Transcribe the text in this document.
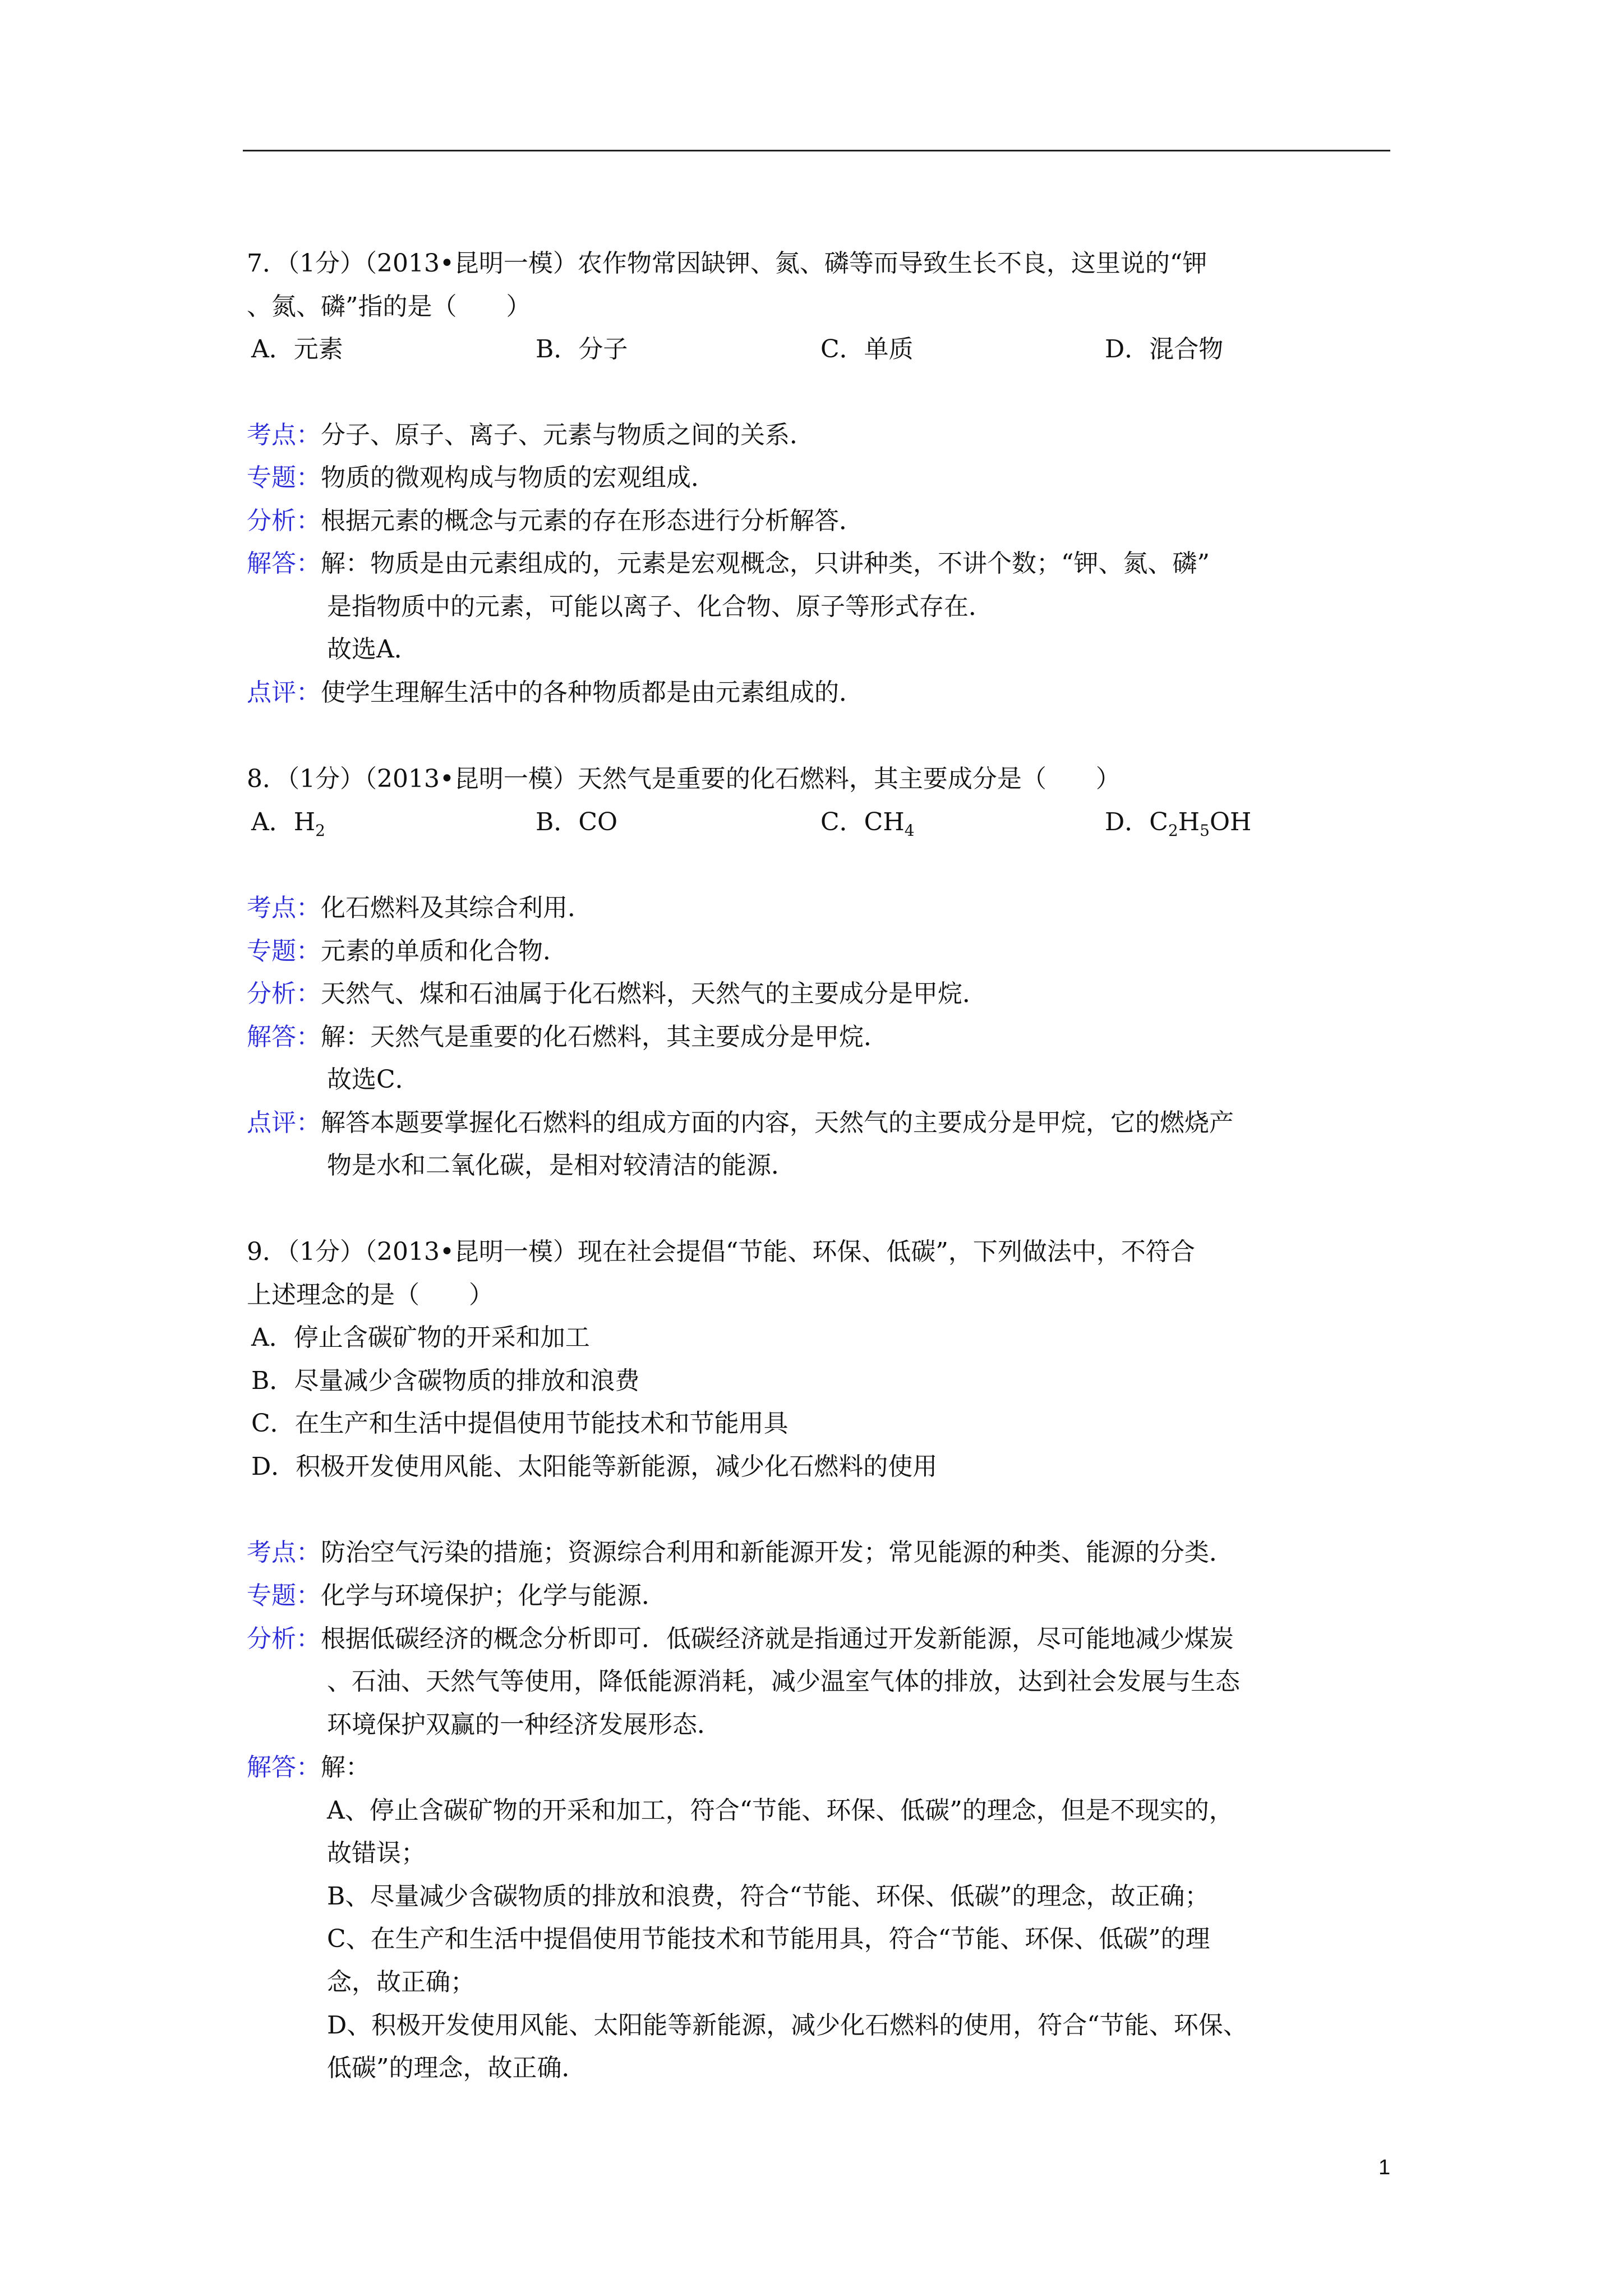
7．（1分）（2013•昆明一模）农作物常因缺钾、氮、磷等而导致生长不良，这里说的“钾
、氮、磷”指的是（　　）
A．元素	B．分子	C．单质	D．混合物
考点：分子、原子、离子、元素与物质之间的关系．
专题：物质的微观构成与物质的宏观组成．
分析：根据元素的概念与元素的存在形态进行分析解答．
解答：解：物质是由元素组成的，元素是宏观概念，只讲种类，不讲个数；“钾、氮、磷”
是指物质中的元素，可能以离子、化合物、原子等形式存在．
故选A．
点评：使学生理解生活中的各种物质都是由元素组成的．
8．（1分）（2013•昆明一模）天然气是重要的化石燃料，其主要成分是（　　）
A．$H_2$	B．CO	C．$CH_4$	D．$C_2H_5OH$
考点：化石燃料及其综合利用．
专题：元素的单质和化合物．
分析：天然气、煤和石油属于化石燃料，天然气的主要成分是甲烷．
解答：解：天然气是重要的化石燃料，其主要成分是甲烷．
故选C．
点评：解答本题要掌握化石燃料的组成方面的内容，天然气的主要成分是甲烷，它的燃烧产
物是水和二氧化碳，是相对较清洁的能源．
9．（1分）（2013•昆明一模）现在社会提倡“节能、环保、低碳”，下列做法中，不符合
上述理念的是（　　）
A．停止含碳矿物的开采和加工
B．尽量减少含碳物质的排放和浪费
C．在生产和生活中提倡使用节能技术和节能用具
D．积极开发使用风能、太阳能等新能源，减少化石燃料的使用
考点：防治空气污染的措施；资源综合利用和新能源开发；常见能源的种类、能源的分类．
专题：化学与环境保护；化学与能源．
分析：根据低碳经济的概念分析即可．低碳经济就是指通过开发新能源，尽可能地减少煤炭
、石油、天然气等使用，降低能源消耗，减少温室气体的排放，达到社会发展与生态
环境保护双赢的一种经济发展形态．
解答：解：
A、停止含碳矿物的开采和加工，符合“节能、环保、低碳”的理念，但是不现实的，
故错误；
B、尽量减少含碳物质的排放和浪费，符合“节能、环保、低碳”的理念，故正确；
C、在生产和生活中提倡使用节能技术和节能用具，符合“节能、环保、低碳”的理
念，故正确；
D、积极开发使用风能、太阳能等新能源，减少化石燃料的使用，符合“节能、环保、
低碳”的理念，故正确．
1
